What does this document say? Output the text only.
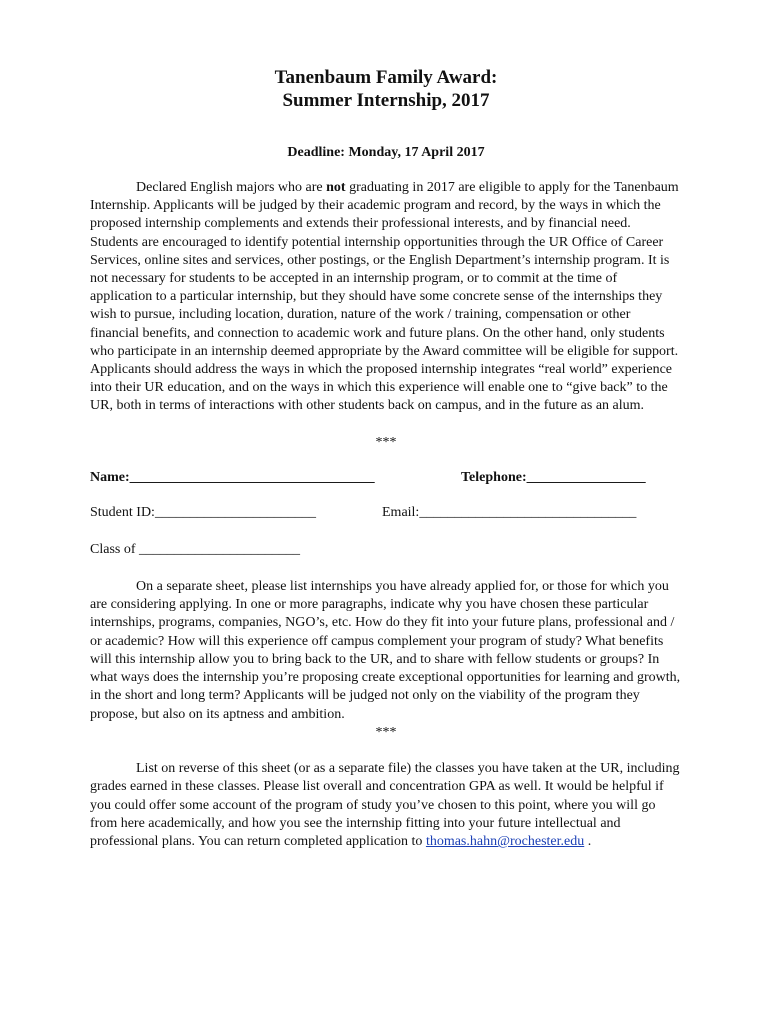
Tanenbaum Family Award:
Summer Internship, 2017

Deadline: Monday, 17 April 2017

Declared English majors who are not graduating in 2017 are eligible to apply for the Tanenbaum Internship. Applicants will be judged by their academic program and record, by the ways in which the proposed internship complements and extends their professional interests, and by financial need. Students are encouraged to identify potential internship opportunities through the UR Office of Career Services, online sites and services, other postings, or the English Department’s internship program. It is not necessary for students to be accepted in an internship program, or to commit at the time of application to a particular internship, but they should have some concrete sense of the internships they wish to pursue, including location, duration, nature of the work / training, compensation or other financial benefits, and connection to academic work and future plans. On the other hand, only students who participate in an internship deemed appropriate by the Award committee will be eligible for support. Applicants should address the ways in which the proposed internship integrates “real world” experience into their UR education, and on the ways in which this experience will enable one to “give back” to the UR, both in terms of interactions with other students back on campus, and in the future as an alum.

***

Name:___________________________________	Telephone:_________________
Student ID:_______________________	Email:_______________________________
Class of _______________________

On a separate sheet, please list internships you have already applied for, or those for which you are considering applying. In one or more paragraphs, indicate why you have chosen these particular internships, programs, companies, NGO’s, etc. How do they fit into your future plans, professional and / or academic? How will this experience off campus complement your program of study? What benefits will this internship allow you to bring back to the UR, and to share with fellow students or groups? In what ways does the internship you’re proposing create exceptional opportunities for learning and growth, in the short and long term? Applicants will be judged not only on the viability of the program they propose, but also on its aptness and ambition.

***

List on reverse of this sheet (or as a separate file) the classes you have taken at the UR, including grades earned in these classes. Please list overall and concentration GPA as well. It would be helpful if you could offer some account of the program of study you’ve chosen to this point, where you will go from here academically, and how you see the internship fitting into your future intellectual and professional plans. You can return completed application to thomas.hahn@rochester.edu .
